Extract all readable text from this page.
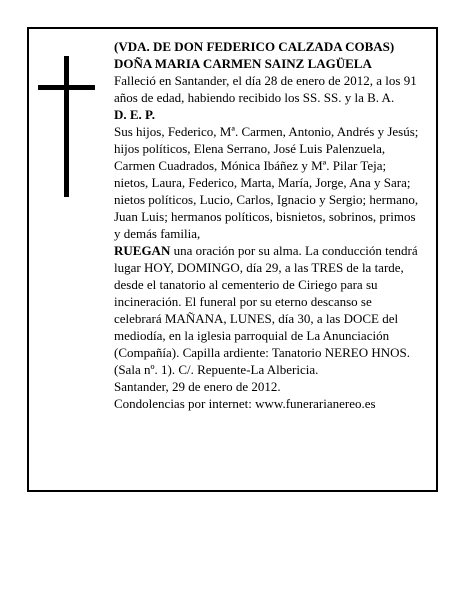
(VDA. DE DON FEDERICO CALZADA COBAS)

DOÑA MARIA CARMEN SAINZ LAGÜELA

Falleció en Santander, el día 28 de enero de 2012, a los 91 años de edad, habiendo recibido los SS. SS. y la B. A.

D. E. P.

Sus hijos, Federico, Mª. Carmen, Antonio, Andrés y Jesús; hijos políticos, Elena Serrano, José Luis Palenzuela, Carmen Cuadrados, Mónica Ibáñez y Mª. Pilar Teja; nietos, Laura, Federico, Marta, María, Jorge, Ana y Sara; nietos políticos, Lucio, Carlos, Ignacio y Sergio; hermano, Juan Luis; hermanos políticos, bisnietos, sobrinos, primos y demás familia,

RUEGAN una oración por su alma. La conducción tendrá lugar HOY, DOMINGO, día 29, a las TRES de la tarde, desde el tanatorio al cementerio de Ciriego para su incineración. El funeral por su eterno descanso se celebrará MAÑANA, LUNES, día 30, a las DOCE del mediodía, en la iglesia parroquial de La Anunciación (Compañía). Capilla ardiente: Tanatorio NEREO HNOS. (Sala nº. 1). C/. Repuente-La Albericia.

Santander, 29 de enero de 2012.

Condolencias por internet: www.funerarianereo.es
